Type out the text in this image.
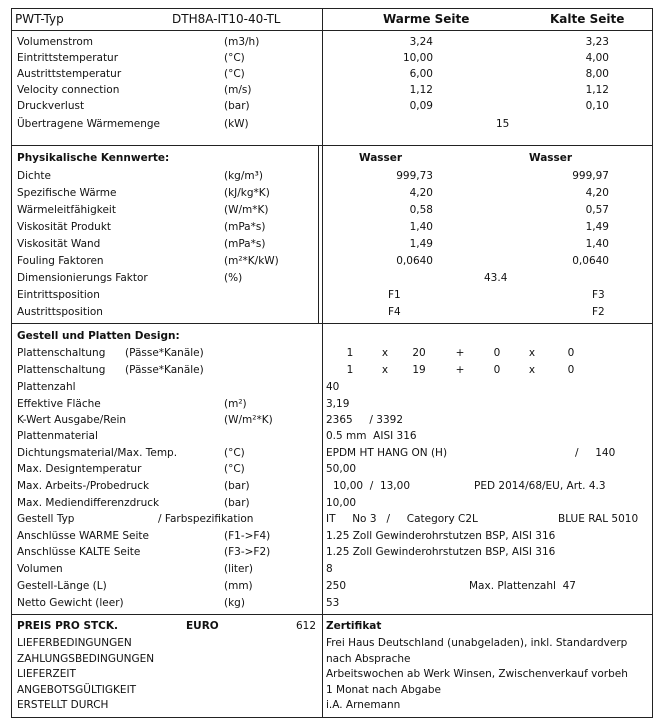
PWT-Typ	DTH8A-IT10-40-TL	Warme Seite	Kalte Seite
Volumenstrom	(m3/h)	3,24	3,23
Eintrittstemperatur	(°C)	10,00	4,00
Austrittstemperatur	(°C)	6,00	8,00
Velocity connection	(m/s)	1,12	1,12
Druckverlust	(bar)	0,09	0,10
Übertragene Wärmemenge	(kW)	15
Physikalische Kennwerte:	Wasser	Wasser
Dichte	(kg/m³)	999,73	999,97
Spezifische Wärme	(kJ/kg*K)	4,20	4,20
Wärmeleitfähigkeit	(W/m*K)	0,58	0,57
Viskosität Produkt	(mPa*s)	1,40	1,49
Viskosität Wand	(mPa*s)	1,49	1,40
Fouling Faktoren	(m²*K/kW)	0,0640	0,0640
Dimensionierungs Faktor	(%)	43.4
Eintrittsposition	F1	F3
Austrittsposition	F4	F2
Gestell und Platten Design:
Plattenschaltung (Pässe*Kanäle)	1	x	20	+	0	x	0
Plattenschaltung (Pässe*Kanäle)	1	x	19	+	0	x	0
Plattenzahl	40
Effektive Fläche	(m²)	3,19
K-Wert Ausgabe/Rein	(W/m²*K)	2365     / 3392
Plattenmaterial	0.5 mm  AISI 316
Dichtungsmaterial/Max. Temp.	(°C)	EPDM HT HANG ON (H)	/     140
Max. Designtemperatur	(°C)	50,00
Max. Arbeits-/Probedruck	(bar)	10,00  /  13,00	PED 2014/68/EU, Art. 4.3
Max. Mediendifferenzdruck	(bar)	10,00
Gestell Typ	/ Farbspezifikation	IT     No 3   /     Category C2L	BLUE RAL 5010
Anschlüsse WARME Seite	(F1->F4)	1.25 Zoll Gewinderohrstutzen BSP, AISI 316
Anschlüsse KALTE Seite	(F3->F2)	1.25 Zoll Gewinderohrstutzen BSP, AISI 316
Volumen	(liter)	8
Gestell-Länge (L)	(mm)	250	Max. Plattenzahl  47
Netto Gewicht (leer)	(kg)	53
PREIS PRO STCK.	EURO	612
LIEFERBEDINGUNGEN
ZAHLUNGSBEDINGUNGEN
LIEFERZEIT
ANGEBOTSGÜLTIGKEIT
ERSTELLT DURCH
Zertifikat
Frei Haus Deutschland (unabgeladen), inkl. Standardverp
nach Absprache
Arbeitswochen ab Werk Winsen, Zwischenverkauf vorbeh
1 Monat nach Abgabe
i.A. Arnemann
